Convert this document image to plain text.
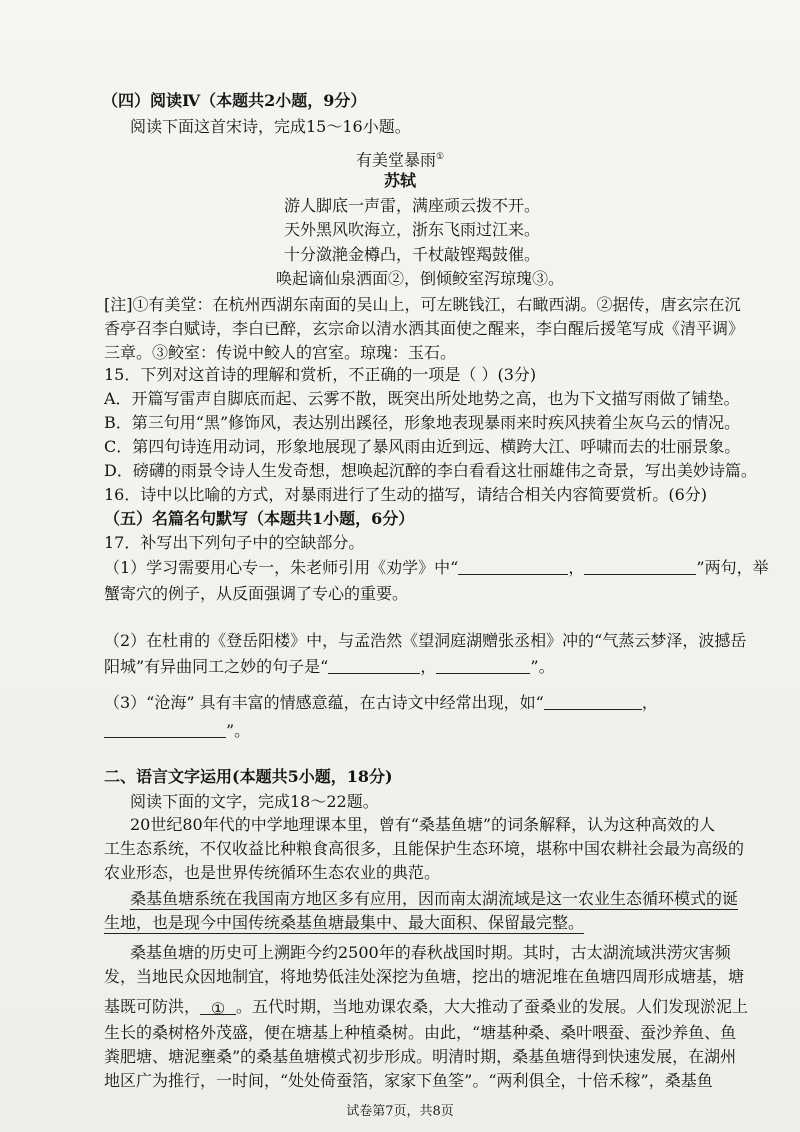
（四）阅读Ⅳ（本题共2小题，9分）
阅读下面这首宋诗，完成15～16小题。
有美堂暴雨①
苏轼
游人脚底一声雷，满座顽云拨不开。
天外黑风吹海立，浙东飞雨过江来。
十分潋滟金樽凸，千杖敲铿羯鼓催。
唤起谪仙泉洒面②，倒倾鲛室泻琼瑰③。
[注]①有美堂：在杭州西湖东南面的吴山上，可左眺钱江，右瞰西湖。②据传，唐玄宗在沉
香亭召李白赋诗，李白已醉，玄宗命以清水洒其面使之醒来，李白醒后援笔写成《清平调》
三章。③鲛室：传说中鲛人的宫室。琼瑰：玉石。
15．下列对这首诗的理解和赏析，不正确的一项是（ ）(3分)
A．开篇写雷声自脚底而起、云雾不散，既突出所处地势之高，也为下文描写雨做了铺垫。
B．第三句用“黑”修饰风，表达别出蹊径，形象地表现暴雨来时疾风挟着尘灰乌云的情况。
C．第四句诗连用动词，形象地展现了暴风雨由近到远、横跨大江、呼啸而去的壮丽景象。
D．磅礴的雨景令诗人生发奇想，想唤起沉醉的李白看看这壮丽雄伟之奇景，写出美妙诗篇。
16．诗中以比喻的方式，对暴雨进行了生动的描写，请结合相关内容简要赏析。(6分)
（五）名篇名句默写（本题共1小题，6分）
17．补写出下列句子中的空缺部分。
（1）学习需要用心专一，朱老师引用《劝学》中“	，	”两句，举
蟹寄穴的例子，从反面强调了专心的重要。
（2）在杜甫的《登岳阳楼》中，与孟浩然《望洞庭湖赠张丞相》冲的“气蒸云梦泽，波撼岳
阳城”有异曲同工之妙的句子是“	，	”。
（3）“沧海” 具有丰富的情感意蕴，在古诗文中经常出现，如“	，
”。
二、语言文字运用(本题共5小题，18分)
阅读下面的文字，完成18～22题。
20世纪80年代的中学地理课本里，曾有“桑基鱼塘”的词条解释，认为这种高效的人
工生态系统，不仅收益比种粮食高很多，且能保护生态环境，堪称中国农耕社会最为高级的
农业形态，也是世界传统循环生态农业的典范。
桑基鱼塘系统在我国南方地区多有应用，因而南太湖流域是这一农业生态循环模式的诞
生地，也是现今中国传统桑基鱼塘最集中、最大面积、保留最完整。
桑基鱼塘的历史可上溯距今约2500年的春秋战国时期。其时，古太湖流域洪涝灾害频
发，当地民众因地制宜，将地势低洼处深挖为鱼塘，挖出的塘泥堆在鱼塘四周形成塘基，塘
基既可防洪， ① 。五代时期，当地劝课农桑，大大推动了蚕桑业的发展。人们发现淤泥上
生长的桑树格外茂盛，便在塘基上种植桑树。由此，“塘基种桑、桑叶喂蚕、蚕沙养鱼、鱼
粪肥塘、塘泥壅桑”的桑基鱼塘模式初步形成。明清时期，桑基鱼塘得到快速发展，在湖州
地区广为推行，一时间，“处处倚蚕箔，家家下鱼筌”。“两利俱全，十倍禾稼”，桑基鱼
试卷第7页，共8页
